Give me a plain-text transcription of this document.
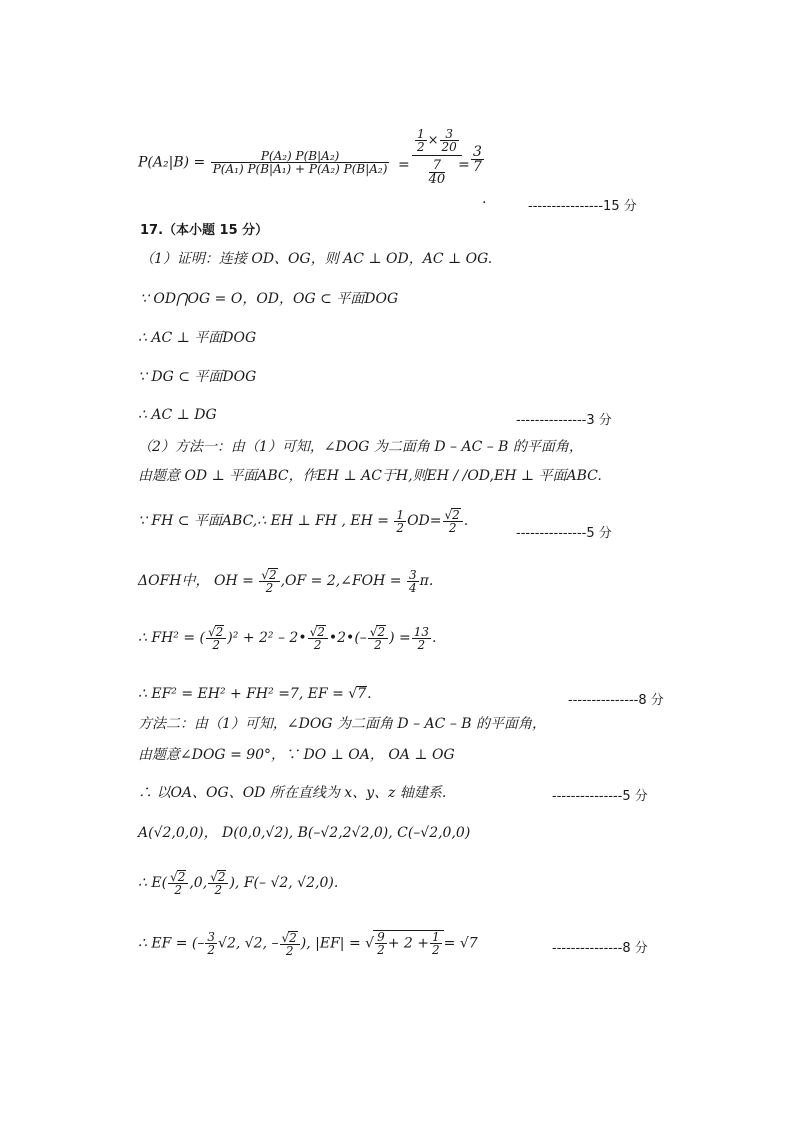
$P(A_2|B) = \frac{\text{P(A₂) P(B|A₂)}}{\text{P(A₁) P(B|A₁) + P(A₂) P(B|A₂)}}$ =
$\frac{1}{2} \times \frac{3}{20}$
7
40
= $\frac{3}{7}$
.	----------------15 分
17.（本小题 15 分）
（1）证明：连接 OD、OG，则 AC ⊥ OD，AC ⊥ OG.
∵ OD⋂OG = O，OD，OG ⊂ 平面DOG
∴ AC ⊥ 平面DOG
∵ DG ⊂ 平面DOG
∴ AC ⊥ DG	---------------3 分
（2）方法一：由（1）可知，∠DOG 为二面角 D – AC – B 的平面角，
由题意 OD ⊥ 平面ABC，作EH ⊥ AC于H,则EH / /OD,EH ⊥ 平面ABC.
∵ FH ⊂ 平面ABC,∴ EH ⊥ FH , EH = $\frac{1}{2} OD= \frac{√2}{2}$ .
---------------5 分
ΔOFH中， OH = $\frac{√2}{2} ,OF$ = 2,∠FOH = $\frac{3}{4} \pi$.
∴ FH² = ( $\frac{√2}{2} )^2 + 2^2$ – 2• $\frac{√2}{2}$ •2•(– $\frac{√2}{2}$ ) = $\frac{13}{2}$ .
∴ EF² = EH² + FH² =7, EF = √7.	---------------8 分
方法二：由（1）可知，∠DOG 为二面角 D – AC – B 的平面角，
由题意∠DOG = 90°，∵ DO ⊥ OA， OA ⊥ OG
∴ 以OA、OG、OD 所在直线为 x、y、z 轴建系.	---------------5 分
A(√2,0,0)， D(0,0,√2), B(–√2,2√2,0), C(–√2,0,0)
∴ $E( \frac{√2}{2} ,0$, $\frac{√2}{2}$ ), F(– √2, √2,0).
∴ EF = (– $\frac{3}{2} √2$, √2, – $\frac{√2}{2}$ ), |EF| = √ $\frac{9}{2} + 2 + \frac{1}{2} = √7$	---------------8 分
